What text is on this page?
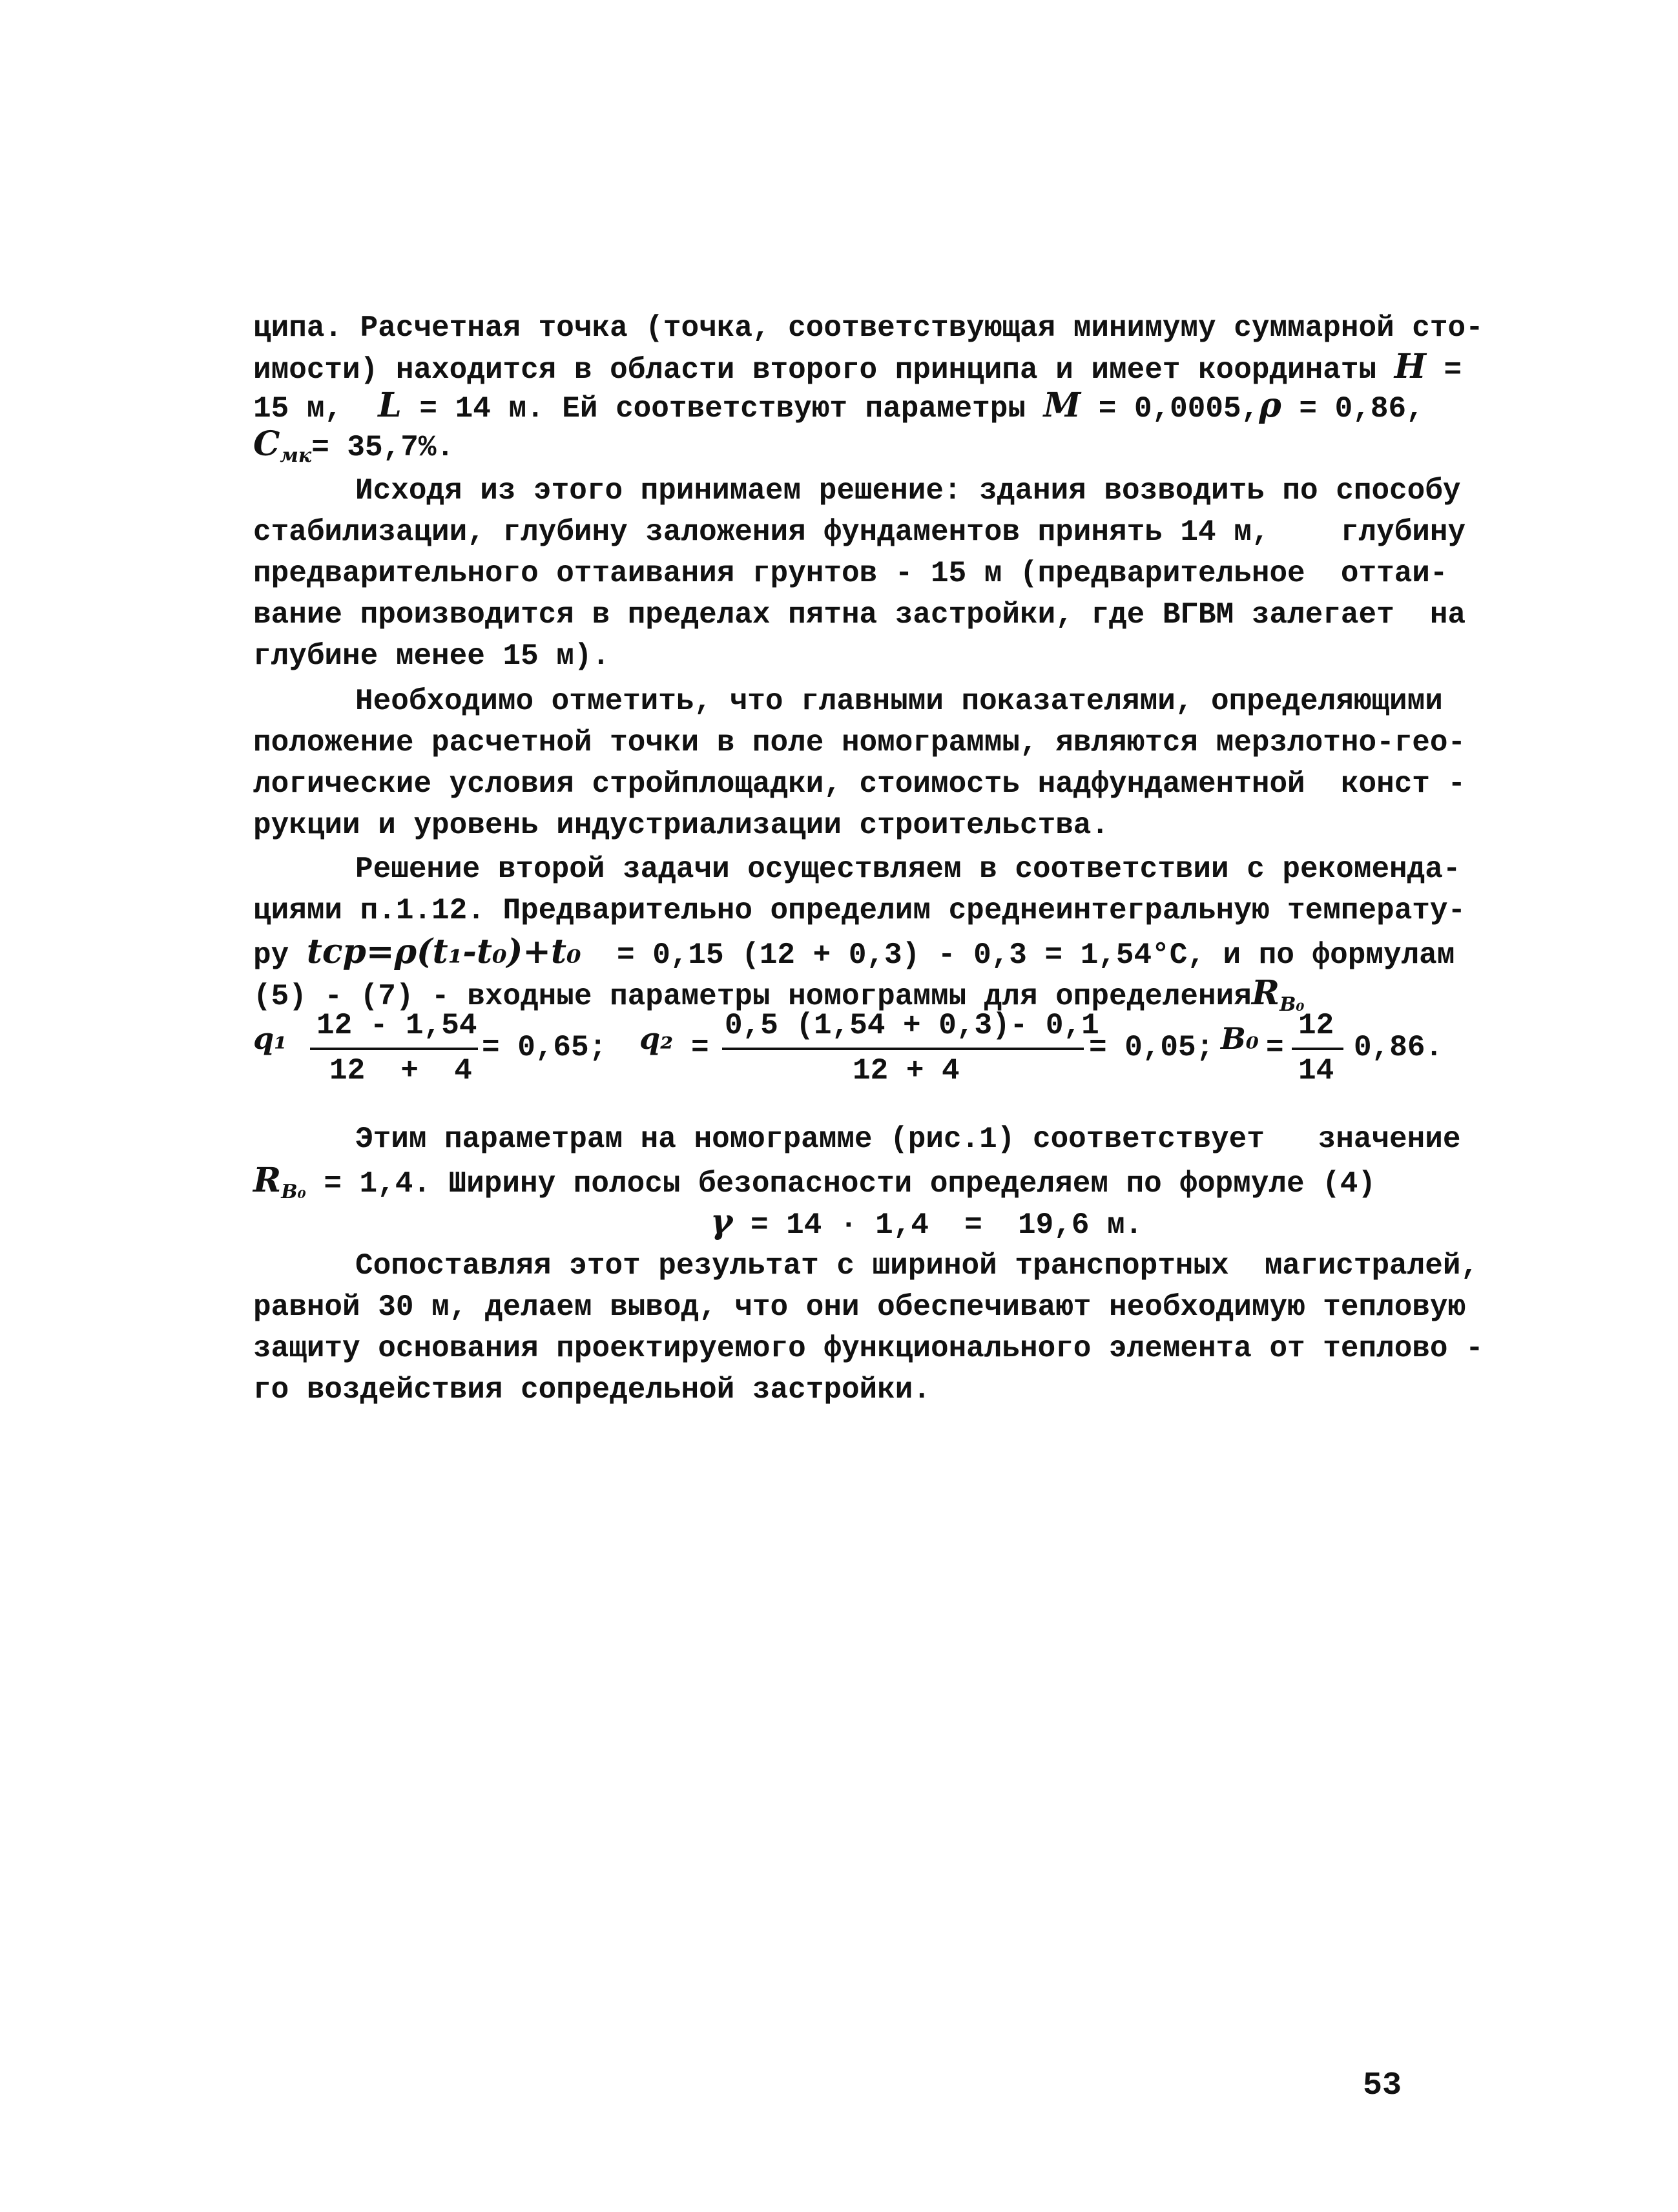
ципа. Расчетная точка (точка, соответствующая минимуму суммарной сто-
имости) находится в области второго принципа и имеет координаты H =
15 м, L = 14 м. Ей соответствуют параметры M = 0,0005,ρ = 0,86,
$C_{мк}= 35,7\%$.
Исходя из этого принимаем решение: здания возводить по способу
стабилизации, глубину заложения фундаментов принять 14 м,    глубину
предварительного оттаивания грунтов - 15 м (предварительное  оттаи-
вание производится в пределах пятна застройки, где ВГВМ залегает  на
глубине менее 15 м).
Необходимо отметить, что главными показателями, определяющими
положение расчетной точки в поле номограммы, являются мерзлотно-гео-
логические условия стройплощадки, стоимость надфундаментной  конст -
рукции и уровень индустриализации строительства.
Решение второй задачи осуществляем в соответствии с рекоменда-
циями п.1.12. Предварительно определим среднеинтегральную температу-
ру tср=ρ(t₁-t₀)+t₀ = 0,15 (12 + 0,3) - 0,3 = 1,54°C, и по формулам
(5) - (7) - входные параметры номограммы для определенияR$_{B_0}$
q₁ 12 - 1,54
12  +  4
= 0,65; q₂ =
0,5 (1,54 + 0,3)- 0,1
12 + 4
= 0,05; B₀ =
12
14
0,86.
Этим параметрам на номограмме (рис.1) соответствует   значение
$R_{B_0} = 1,4$. Ширину полосы безопасности определяем по формуле (4)
γ = 14 · 1,4  =  19,6 м.
Сопоставляя этот результат с шириной транспортных  магистралей,
равной 30 м, делаем вывод, что они обеспечивают необходимую тепловую
защиту основания проектируемого функционального элемента от теплово -
го воздействия сопредельной застройки.
53
